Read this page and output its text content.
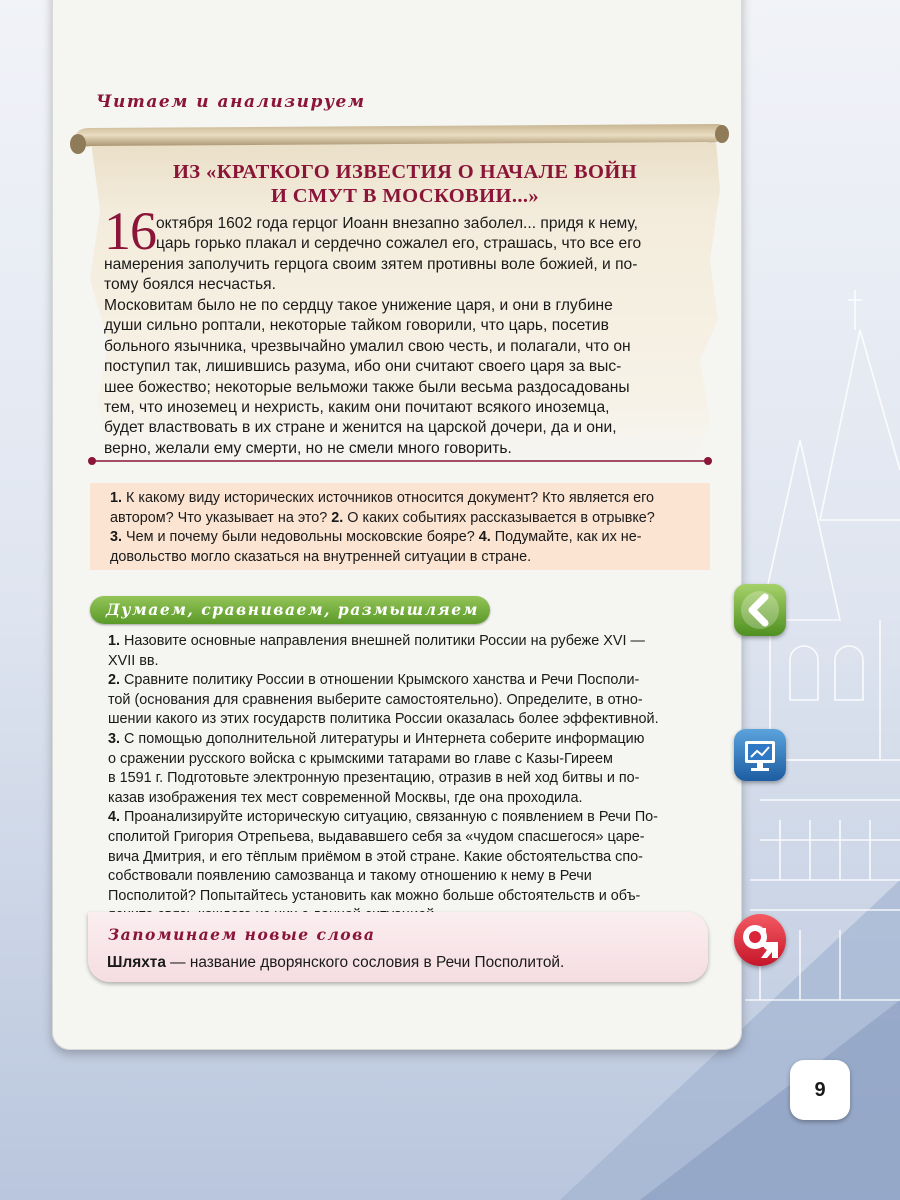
Читаем и анализируем
ИЗ «КРАТКОГО ИЗВЕСТИЯ О НАЧАЛЕ ВОЙН
И СМУТ В МОСКОВИИ...»
16 октября 1602 года герцог Иоанн внезапно заболел... придя к нему,
царь горько плакал и сердечно сожалел его, страшась, что все его
намерения заполучить герцога своим зятем противны воле божией, и по-
тому боялся несчастья.
Московитам было не по сердцу такое унижение царя, и они в глубине
души сильно роптали, некоторые тайком говорили, что царь, посетив
больного язычника, чрезвычайно умалил свою честь, и полагали, что он
поступил так, лишившись разума, ибо они считают своего царя за выс-
шее божество; некоторые вельможи также были весьма раздосадованы
тем, что иноземец и нехристь, каким они почитают всякого иноземца,
будет властвовать в их стране и женится на царской дочери, да и они,
верно, желали ему смерти, но не смели много говорить.
1. К какому виду исторических источников относится документ? Кто является его
автором? Что указывает на это? 2. О каких событиях рассказывается в отрывке?
3. Чем и почему были недовольны московские бояре? 4. Подумайте, как их не-
довольство могло сказаться на внутренней ситуации в стране.
Думаем, сравниваем, размышляем
1. Назовите основные направления внешней политики России на рубеже XVI —
XVII вв.
2. Сравните политику России в отношении Крымского ханства и Речи Посполи-
той (основания для сравнения выберите самостоятельно). Определите, в отно-
шении какого из этих государств политика России оказалась более эффективной.
3. С помощью дополнительной литературы и Интернета соберите информацию
о сражении русского войска с крымскими татарами во главе с Казы-Гиреем
в 1591 г. Подготовьте электронную презентацию, отразив в ней ход битвы и по-
казав изображения тех мест современной Москвы, где она проходила.
4. Проанализируйте историческую ситуацию, связанную с появлением в Речи По-
сполитой Григория Отрепьева, выдававшего себя за «чудом спасшегося» царе-
вича Дмитрия, и его тёплым приёмом в этой стране. Какие обстоятельства спо-
собствовали появлению самозванца и такому отношению к нему в Речи
Посполитой? Попытайтесь установить как можно больше обстоятельств и объ-
Запоминаем новые слова
Шляхта — название дворянского сословия в Речи Посполитой.
9
